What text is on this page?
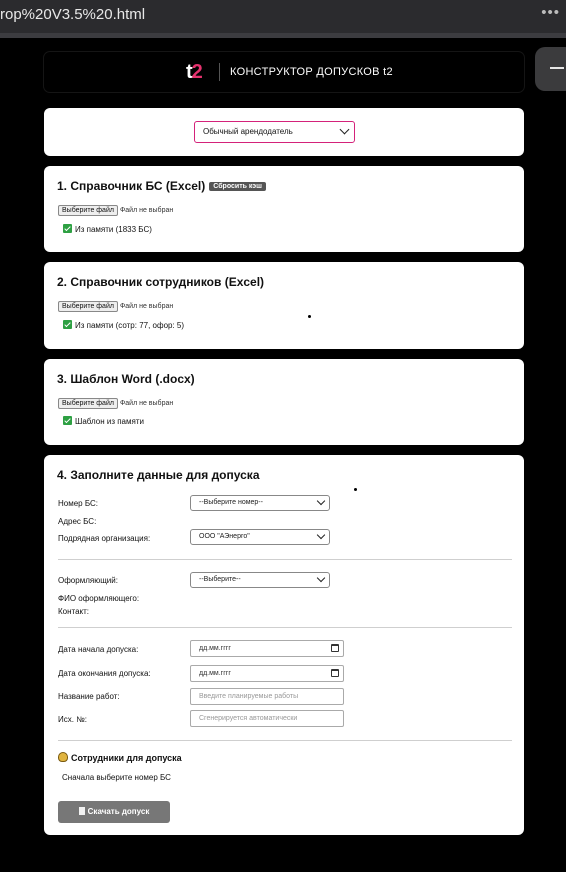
rop%20V3.5%20.html	•••
t2	КОНСТРУКТОР ДОПУСКОВ t2
Обычный арендодатель
1. Справочник БС (Excel) Сбросить кэш
Выберите файл Файл не выбран
Из памяти (1833 БС)
2. Справочник сотрудников (Excel)
Выберите файл Файл не выбран
Из памяти (сотр: 77, офор: 5)
3. Шаблон Word (.docx)
Выберите файл Файл не выбран
Шаблон из памяти
4. Заполните данные для допуска
Номер БС:	--Выберите номер--
Адрес БС:
Подрядная организация:	ООО "АЭнерго"
Оформляющий:	--Выберите--
ФИО оформляющего:
Контакт:
Дата начала допуска:	дд.мм.гггг
Дата окончания допуска:	дд.мм.гггг
Название работ:	Введите планируемые работы
Исх. №:	Сгенерируется автоматически
Сотрудники для допуска
Сначала выберите номер БС
Скачать допуск
